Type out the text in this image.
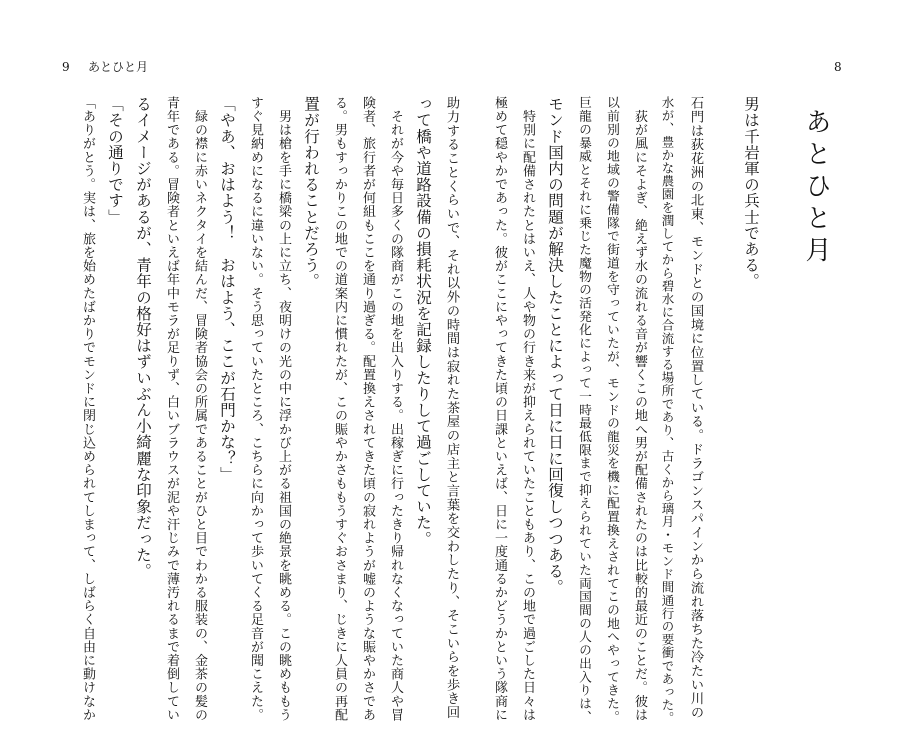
9 あとひと月	8
あとひと月
男は千岩軍の兵士である。
石門は荻花洲の北東、モンドとの国境に位置している。ドラゴンスパインから流れ落ちた冷たい川の
水が、豊かな農園を潤してから碧水に合流する場所であり、古くから璃月・モンド間通行の要衝であった。
　荻が風にそよぎ、絶えず水の流れる音が響くこの地へ男が配備されたのは比較的最近のことだ。彼は
以前別の地域の警備隊で街道を守っていたが、モンドの龍災を機に配置換えされてこの地へやってきた。
巨龍の暴威とそれに乗じた魔物の活発化によって一時最低限まで抑えられていた両国間の人の出入りは、
モンド国内の問題が解決したことによって日に日に回復しつつある。
　特別に配備されたとはいえ、人や物の行き来が抑えられていたこともあり、この地で過ごした日々は
極めて穏やかであった。彼がここにやってきた頃の日課といえば、日に一度通るかどうかという隊商に
助力することくらいで、それ以外の時間は寂れた茶屋の店主と言葉を交わしたり、そこいらを歩き回
って橋や道路設備の損耗状況を記録したりして過ごしていた。
　それが今や毎日多くの隊商がこの地を出入りする。出稼ぎに行ったきり帰れなくなっていた商人や冒
険者、旅行者が何組もここを通り過ぎる。配置換えされてきた頃の寂れようが嘘のような賑やかさであ
る。男もすっかりこの地での道案内に慣れたが、この賑やかさももうすぐおさまり、じきに人員の再配
置が行われることだろう。
　男は槍を手に橋梁の上に立ち、夜明けの光の中に浮かび上がる祖国の絶景を眺める。この眺めももう
すぐ見納めになるに違いない。そう思っていたところ、こちらに向かって歩いてくる足音が聞こえた。
「やあ、おはよう！　おはよう、ここが石門かな？」
　緑の襟に赤いネクタイを結んだ、冒険者協会の所属であることがひと目でわかる服装の、金茶の髪の
青年である。冒険者といえば年中モラが足りず、白いブラウスが泥や汗じみで薄汚れるまで着倒してい
るイメージがあるが、青年の格好はずいぶん小綺麗な印象だった。
「その通りです」
「ありがとう。実は、旅を始めたばかりでモンドに閉じ込められてしまって、しばらく自由に動けなか
